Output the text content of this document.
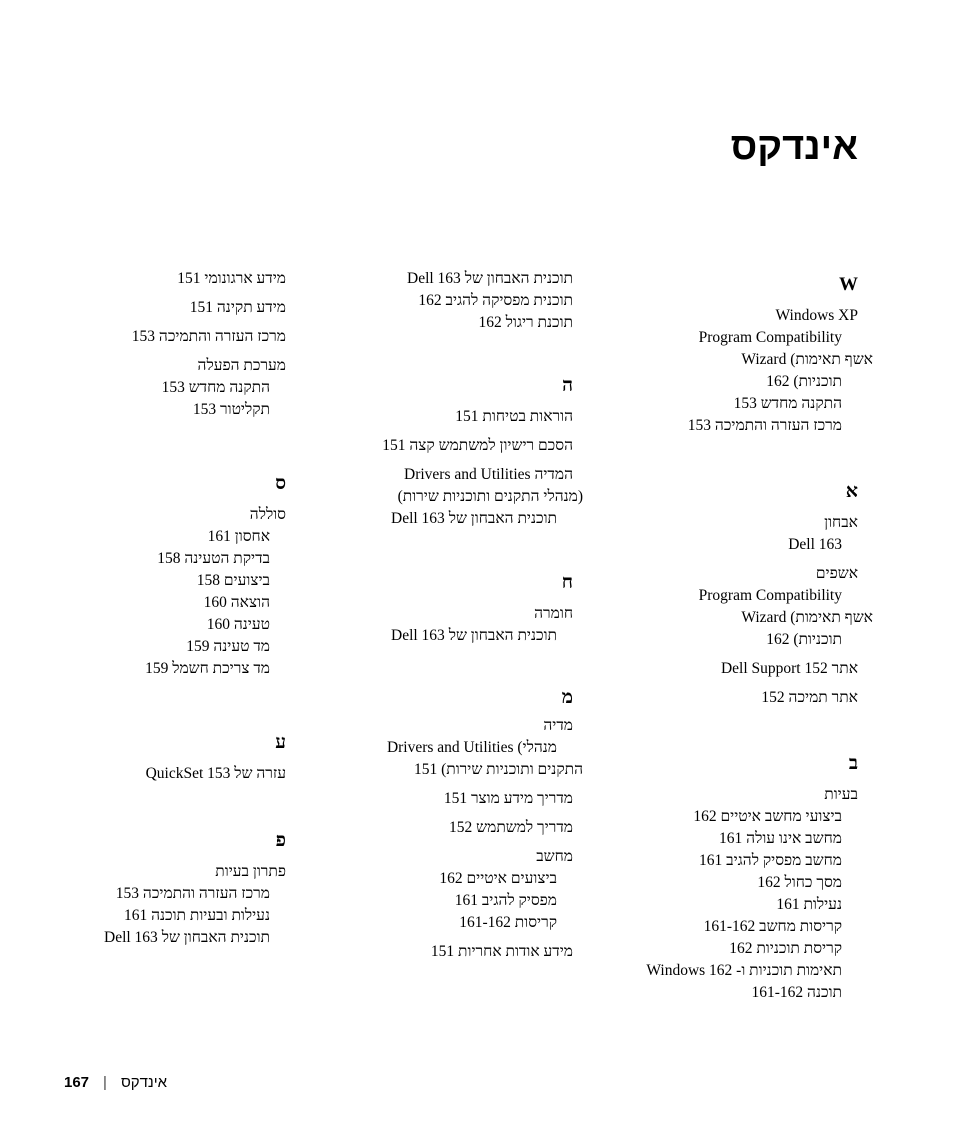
אינדקס
W
Windows XP
Program Compatibility
אשף תאימות) Wizard
תוכניות) 162
התקנה מחדש 153
מרכז העזרה והתמיכה 153
א
אבחון
Dell 163
אשפים
Program Compatibility
אשף תאימות) Wizard
תוכניות) 162
אתר Dell Support 152
אתר תמיכה 152
ב
בעיות
ביצועי מחשב איטיים 162
מחשב אינו עולה 161
מחשב מפסיק להגיב 161
מסך כחול 162
נעילות 161
קריסות מחשב 161-162
קריסת תוכניות 162
תאימות תוכניות ו- Windows 162
תוכנה 161-162
תוכנית האבחון של Dell 163
תוכנית מפסיקה להגיב 162
תוכנת ריגול 162
ה
הוראות בטיחות 151
הסכם רישיון למשתמש קצה 151
המדיה Drivers and Utilities
(מנהלי התקנים ותוכניות שירות)
תוכנית האבחון של Dell 163
ח
חומרה
תוכנית האבחון של Dell 163
מ
מדיה
מנהלי) Drivers and Utilities
התקנים ותוכניות שירות) 151
מדריך מידע מוצר 151
מדריך למשתמש 152
מחשב
ביצועים איטיים 162
מפסיק להגיב 161
קריסות 161-162
מידע אודות אחריות 151
מידע ארגונומי 151
מידע תקינה 151
מרכז העזרה והתמיכה 153
מערכת הפעלה
התקנה מחדש 153
תקליטור 153
ס
סוללה
אחסון 161
בדיקת הטעינה 158
ביצועים 158
הוצאה 160
טעינה 160
מד טעינה 159
מד צריכת חשמל 159
ע
עזרה של QuickSet 153
פ
פתרון בעיות
מרכז העזרה והתמיכה 153
נעילות ובעיות תוכנה 161
תוכנית האבחון של Dell 163
167 | אינדקס
